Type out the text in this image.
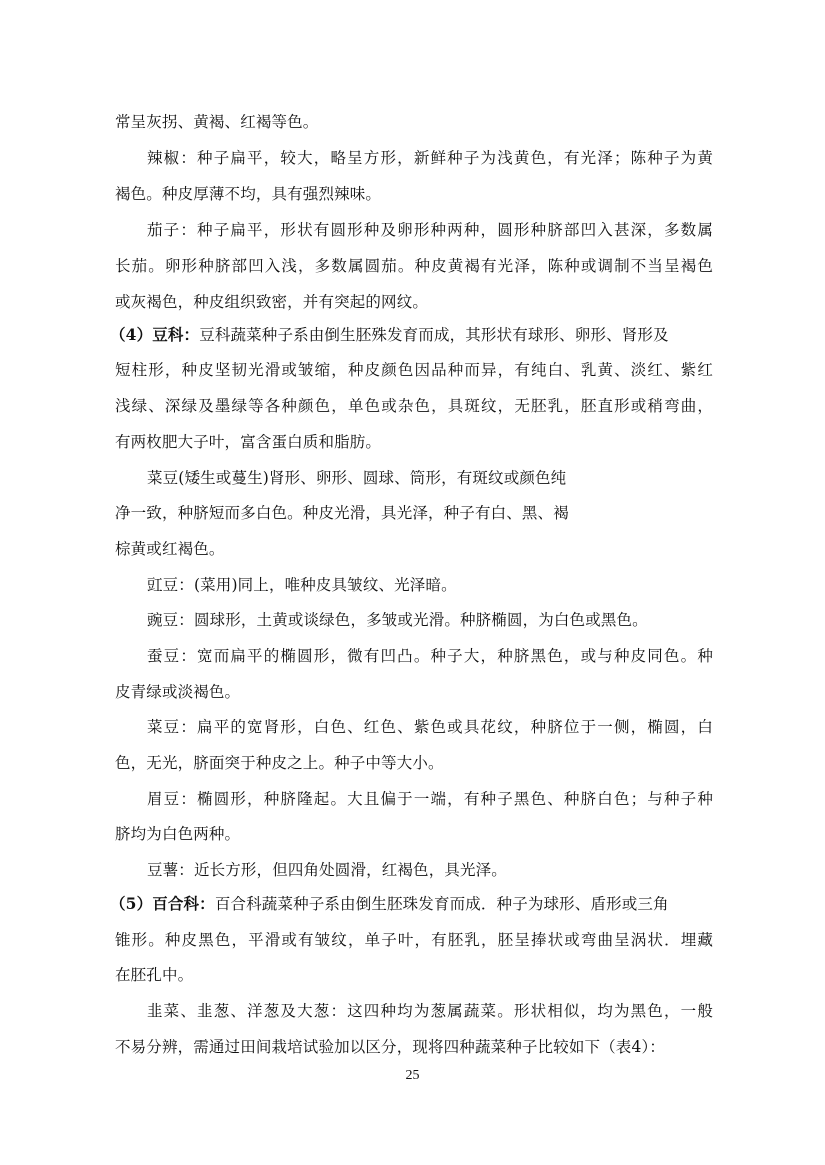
常呈灰拐、黄褐、红褐等色。
辣椒：种子扁平，较大，略呈方形，新鲜种子为浅黄色，有光泽；陈种子为黄
褐色。种皮厚薄不均，具有强烈辣味。
茄子：种子扁平，形状有圆形种及卵形种两种，圆形种脐部凹入甚深，多数属
长茄。卵形种脐部凹入浅，多数属圆茄。种皮黄褐有光泽，陈种或调制不当呈褐色
或灰褐色，种皮组织致密，并有突起的网纹。
（4）豆科：豆科蔬菜种子系由倒生胚殊发育而成，其形状有球形、卵形、肾形及
短柱形，种皮坚韧光滑或皱缩，种皮颜色因品种而异，有纯白、乳黄、淡红、紫红
浅绿、深绿及墨绿等各种颜色，单色或杂色，具斑纹，无胚乳，胚直形或稍弯曲，
有两枚肥大子叶，富含蛋白质和脂肪。
菜豆(矮生或蔓生)肾形、卵形、圆球、筒形，有斑纹或颜色纯
净一致，种脐短而多白色。种皮光滑，具光泽，种子有白、黑、褐
棕黄或红褐色。
豇豆：(菜用)同上，唯种皮具皱纹、光泽暗。
豌豆：圆球形，土黄或谈绿色，多皱或光滑。种脐椭圆，为白色或黑色。
蚕豆：宽而扁平的椭圆形，微有凹凸。种子大，种脐黑色，或与种皮同色。种
皮青绿或淡褐色。
菜豆：扁平的宽肾形，白色、红色、紫色或具花纹，种脐位于一侧，椭圆，白
色，无光，脐面突于种皮之上。种子中等大小。
眉豆：椭圆形，种脐隆起。大且偏于一端，有种子黑色、种脐白色；与种子种
脐均为白色两种。
豆薯：近长方形，但四角处圆滑，红褐色，具光泽。
（5）百合科：百合科蔬菜种子系由倒生胚珠发育而成．种子为球形、盾形或三角
锥形。种皮黑色，平滑或有皱纹，单子叶，有胚乳，胚呈捧状或弯曲呈涡状．埋藏
在胚孔中。
韭菜、韭葱、洋葱及大葱：这四种均为葱属蔬菜。形状相似，均为黑色，一般
不易分辨，需通过田间栽培试验加以区分，现将四种蔬菜种子比较如下（表4）：
25
